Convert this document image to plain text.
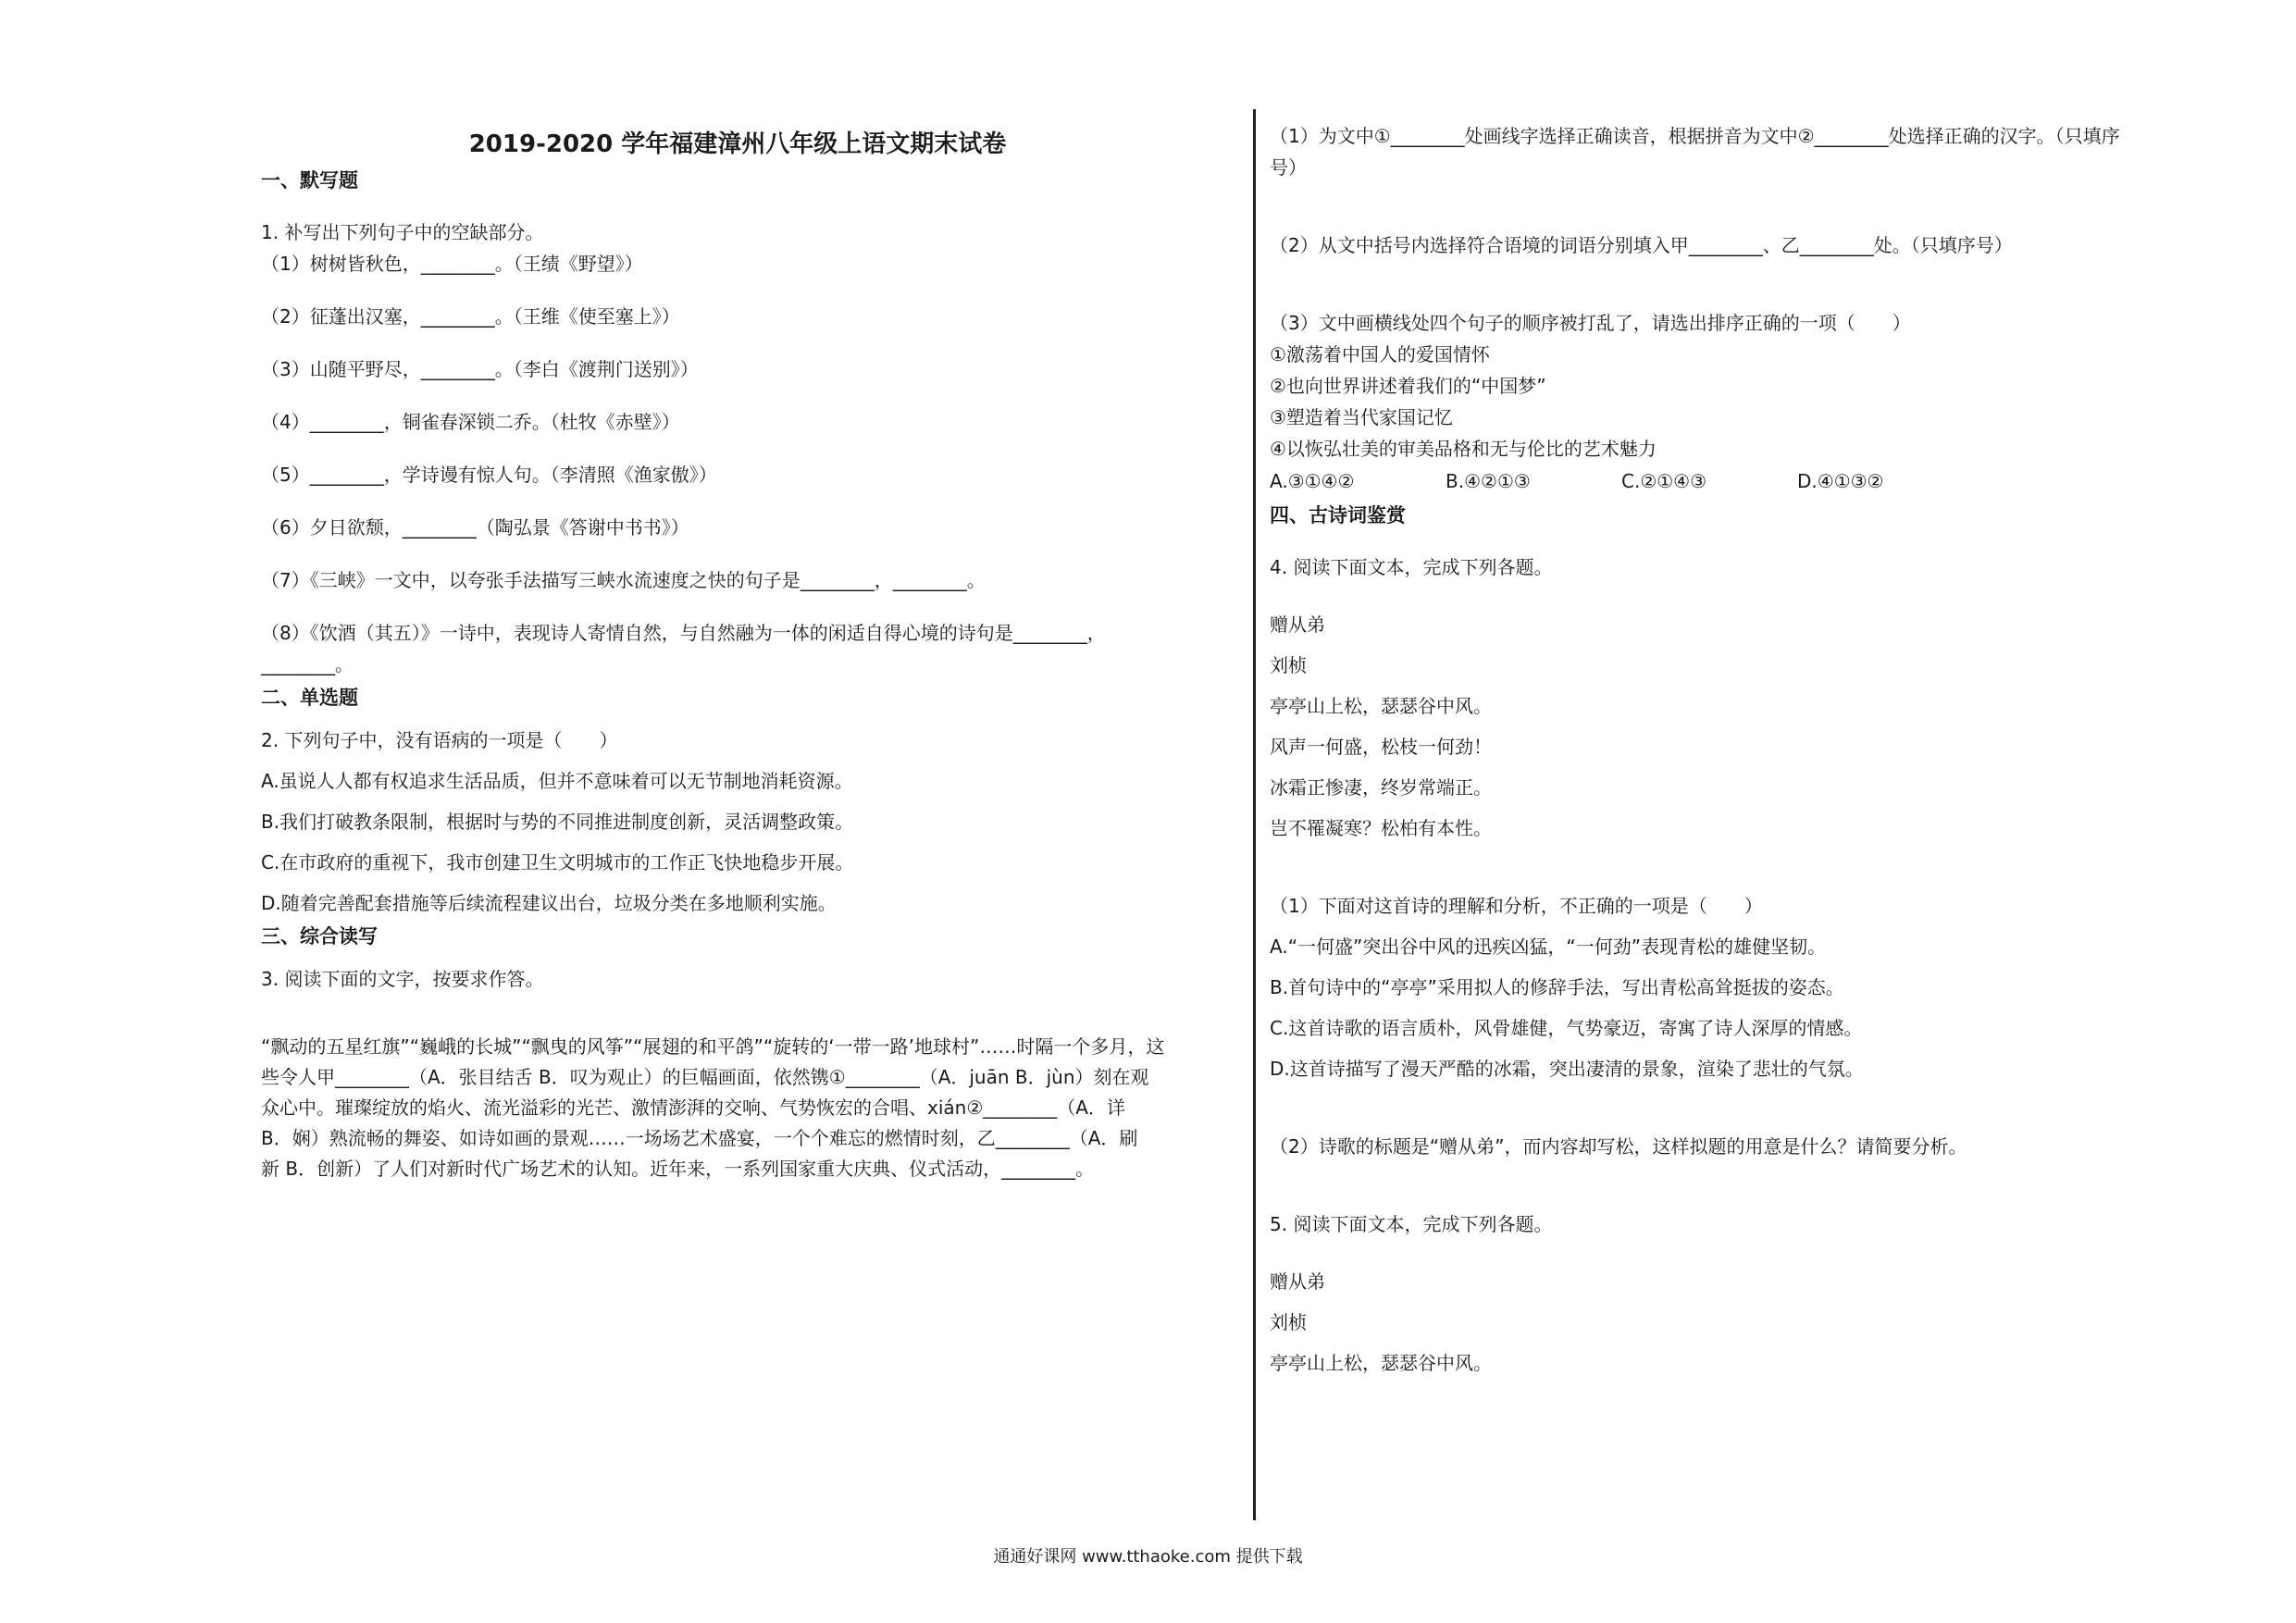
2019-2020 学年福建漳州八年级上语文期末试卷
一、默写题
1. 补写出下列句子中的空缺部分。
（1）树树皆秋色，________。（王绩《野望》）
（2）征蓬出汉塞，________。（王维《使至塞上》）
（3）山随平野尽，________。（李白《渡荆门送别》）
（4）________，铜雀春深锁二乔。（杜牧《赤壁》）
（5）________，学诗谩有惊人句。（李清照《渔家傲》）
（6）夕日欲颓，________（陶弘景《答谢中书书》）
（7）《三峡》一文中，以夸张手法描写三峡水流速度之快的句子是________，________。
（8）《饮酒（其五）》一诗中，表现诗人寄情自然，与自然融为一体的闲适自得心境的诗句是________，
________。
二、单选题
2. 下列句子中，没有语病的一项是（　　）
A.虽说人人都有权追求生活品质，但并不意味着可以无节制地消耗资源。
B.我们打破教条限制，根据时与势的不同推进制度创新，灵活调整政策。
C.在市政府的重视下，我市创建卫生文明城市的工作正飞快地稳步开展。
D.随着完善配套措施等后续流程建议出台，垃圾分类在多地顺利实施。
三、综合读写
3. 阅读下面的文字，按要求作答。
“飘动的五星红旗”“巍峨的长城”“飘曳的风筝”“展翅的和平鸽”“旋转的‘一带一路’地球村”……时隔一个多月，这
些令人甲________（A．张目结舌 B．叹为观止）的巨幅画面，依然镌①________（A．juān B．jùn）刻在观
众心中。璀璨绽放的焰火、流光溢彩的光芒、激情澎湃的交响、气势恢宏的合唱、xián②________（A．详
B．娴）熟流畅的舞姿、如诗如画的景观……一场场艺术盛宴，一个个难忘的燃情时刻，乙________（A．刷
新 B．创新）了人们对新时代广场艺术的认知。近年来，一系列国家重大庆典、仪式活动，________。
（1）为文中①________处画线字选择正确读音，根据拼音为文中②________处选择正确的汉字。（只填序
号）
（2）从文中括号内选择符合语境的词语分别填入甲________、乙________处。（只填序号）
（3）文中画横线处四个句子的顺序被打乱了，请选出排序正确的一项（　　）
①激荡着中国人的爱国情怀
②也向世界讲述着我们的“中国梦”
③塑造着当代家国记忆
④以恢弘壮美的审美品格和无与伦比的艺术魅力
A.③①④②	B.④②①③	C.②①④③	D.④①③②
四、古诗词鉴赏
4. 阅读下面文本，完成下列各题。
赠从弟
刘桢
亭亭山上松，瑟瑟谷中风。
风声一何盛，松枝一何劲！
冰霜正惨凄，终岁常端正。
岂不罹凝寒？松柏有本性。
（1）下面对这首诗的理解和分析，不正确的一项是（　　）
A.“一何盛”突出谷中风的迅疾凶猛，“一何劲”表现青松的雄健坚韧。
B.首句诗中的“亭亭”采用拟人的修辞手法，写出青松高耸挺拔的姿态。
C.这首诗歌的语言质朴，风骨雄健，气势豪迈，寄寓了诗人深厚的情感。
D.这首诗描写了漫天严酷的冰霜，突出凄清的景象，渲染了悲壮的气氛。
（2）诗歌的标题是“赠从弟”，而内容却写松，这样拟题的用意是什么？请简要分析。
5. 阅读下面文本，完成下列各题。
赠从弟
刘桢
亭亭山上松，瑟瑟谷中风。
通通好课网 www.tthaoke.com 提供下载
